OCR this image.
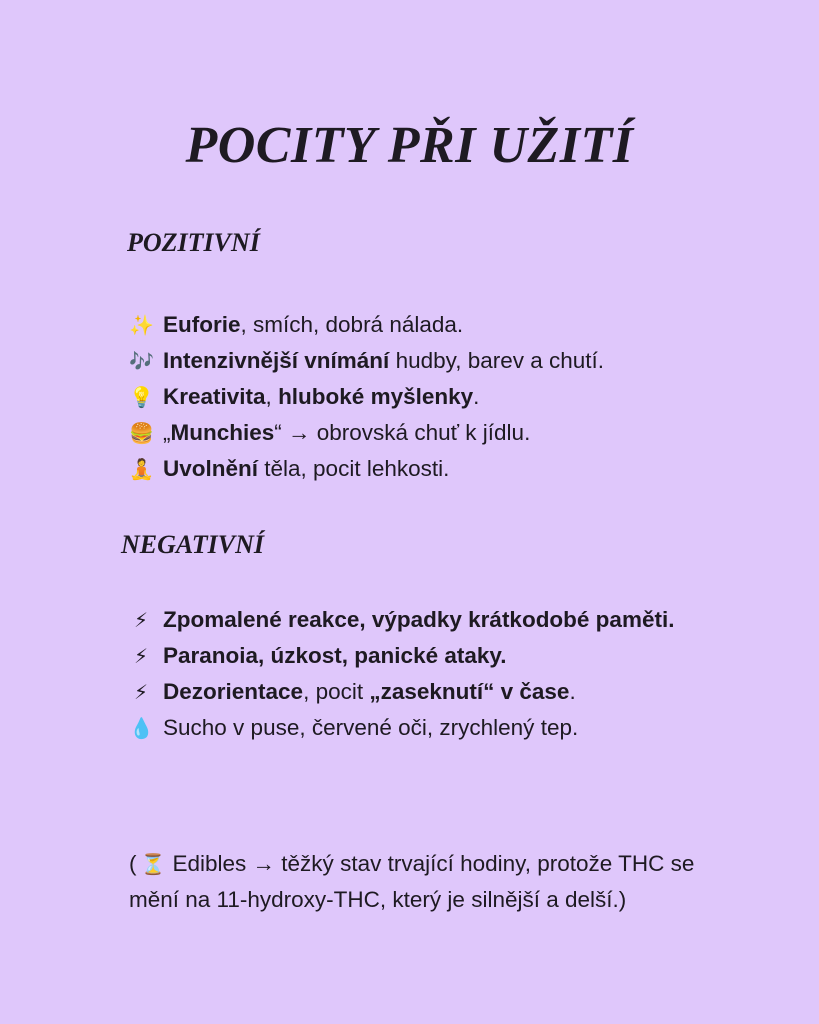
POCITY PŘI UŽITÍ
POZITIVNÍ
✨ Euforie, smích, dobrá nálada.
🎶 Intenzivnější vnímání hudby, barev a chutí.
💡 Kreativita, hluboké myšlenky.
🍔 „Munchies“ → obrovská chuť k jídlu.
🧘 Uvolnění těla, pocit lehkosti.
NEGATIVNÍ
⚡ Zpomalené reakce, výpadky krátkodobé paměti.
⚡ Paranoia, úzkost, panické ataky.
⚡ Dezorientace, pocit „zaseknutí“ v čase.
💧 Sucho v puse, červené oči, zrychlený tep.

( ⏳ Edibles → těžký stav trvající hodiny, protože THC se mění na 11-hydroxy-THC, který je silnější a delší.)
